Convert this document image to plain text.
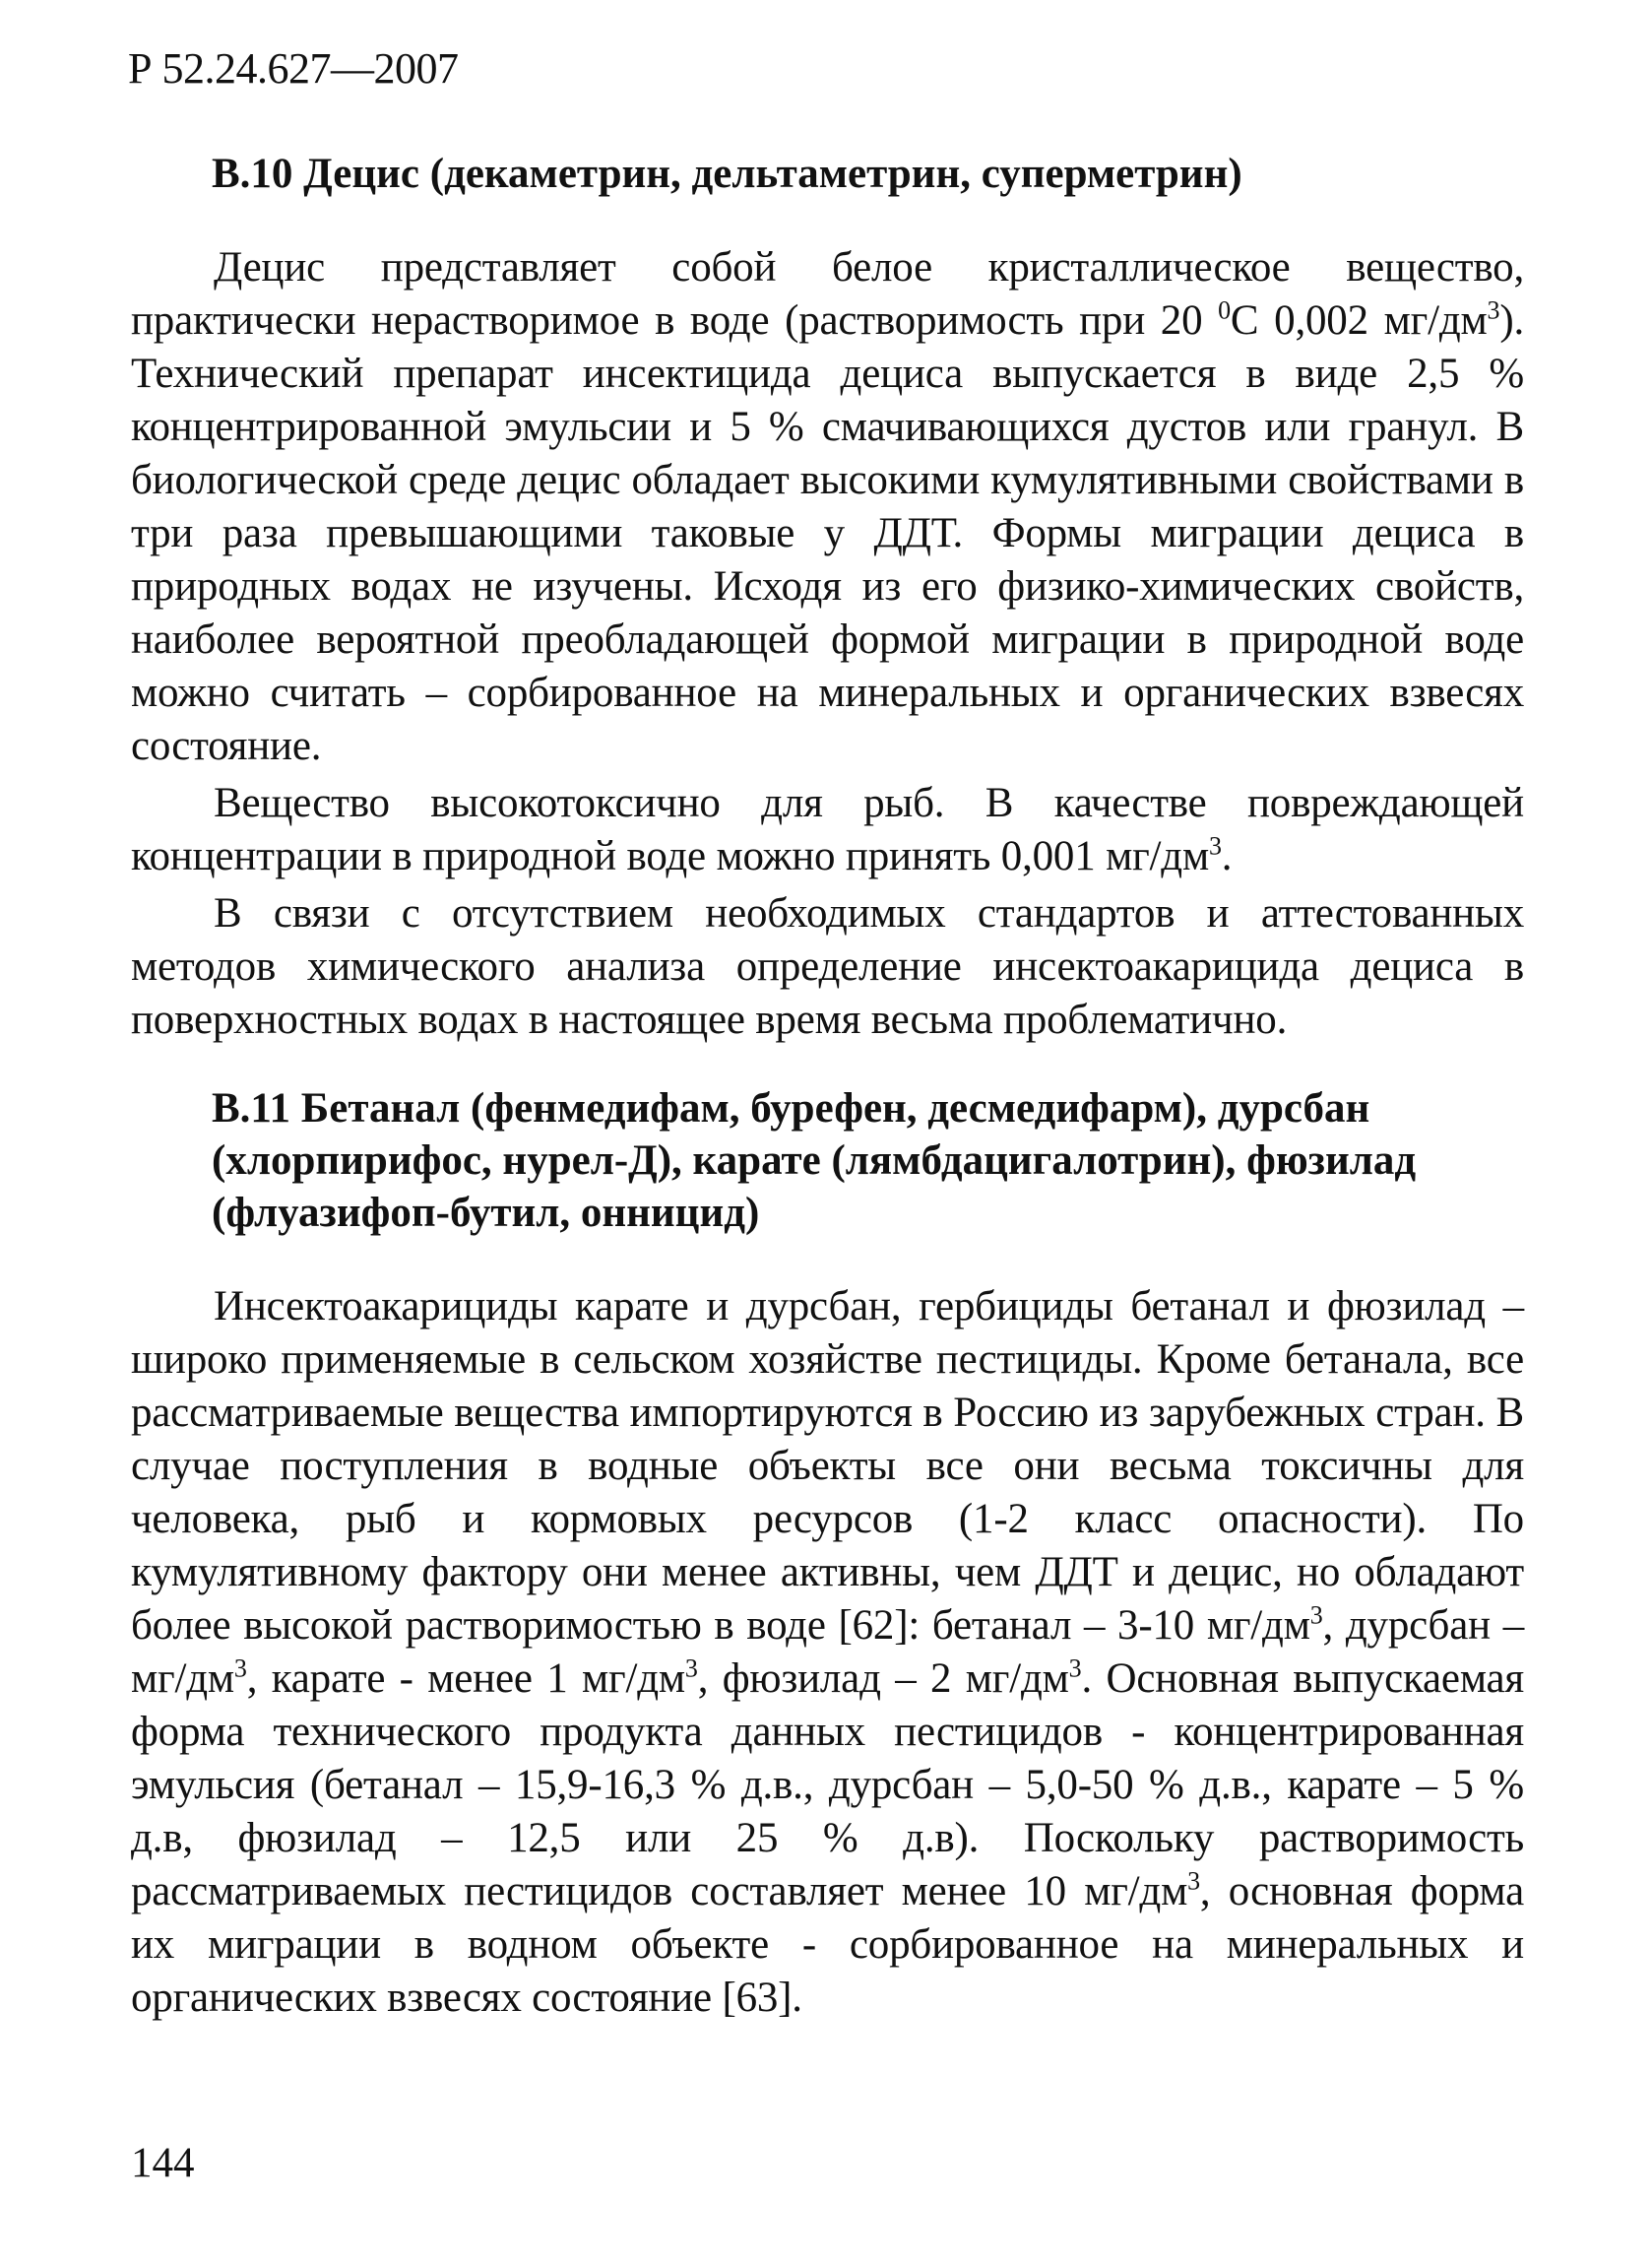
Р 52.24.627—2007
В.10 Децис (декаметрин, дельтаметрин, суперметрин)

Децис представляет собой белое кристаллическое вещество, практически нерастворимое в воде (растворимость при 20 $^0$С 0,002 $мг/дм^3$). Технический препарат инсектицида дециса выпускается в виде 2,5 % концентрированной эмульсии и 5 % смачивающихся дустов или гранул. В биологической среде децис обладает высокими кумулятивными свойствами в три раза превышающими таковые у ДДТ. Формы миграции дециса в природных водах не изучены. Исходя из его физико-химических свойств, наиболее вероятной преобладающей формой миграции в природной воде можно считать – сорбированное на минеральных и органических взвесях состояние.

Вещество высокотоксично для рыб. В качестве повреждающей концентрации в природной воде можно принять 0,001 $мг/дм^3$.

В связи с отсутствием необходимых стандартов и аттестованных методов химического анализа определение инсектоакарицида дециса в поверхностных водах в настоящее время весьма проблематично.

В.11 Бетанал (фенмедифам, бурефен, десмедифарм), дурсбан (хлорпирифос, нурел-Д), карате (лямбдацигалотрин), фюзилад (флуазифоп-бутил, онницид)

Инсектоакарициды карате и дурсбан, гербициды бетанал и фюзилад – широко применяемые в сельском хозяйстве пестициды. Кроме бетанала, все рассматриваемые вещества импортируются в Россию из зарубежных стран. В случае поступления в водные объекты все они весьма токсичны для человека, рыб и кормовых ресурсов (1-2 класс опасности). По кумулятивному фактору они менее активны, чем ДДТ и децис, но обладают более высокой растворимостью в воде [62]: бетанал – 3-10 $мг/дм^3$, дурсбан – $мг/дм^3$, карате - менее 1 $мг/дм^3$, фюзилад – 2 $мг/дм^3$. Основная выпускаемая форма технического продукта данных пестицидов - концентрированная эмульсия (бетанал – 15,9-16,3 % д.в., дурсбан – 5,0-50 % д.в., карате – 5 % д.в, фюзилад – 12,5 или 25 % д.в). Поскольку растворимость рассматриваемых пестицидов составляет менее 10 $мг/дм^3$, основная форма их миграции в водном объекте - сорбированное на минеральных и органических взвесях состояние [63].

144
